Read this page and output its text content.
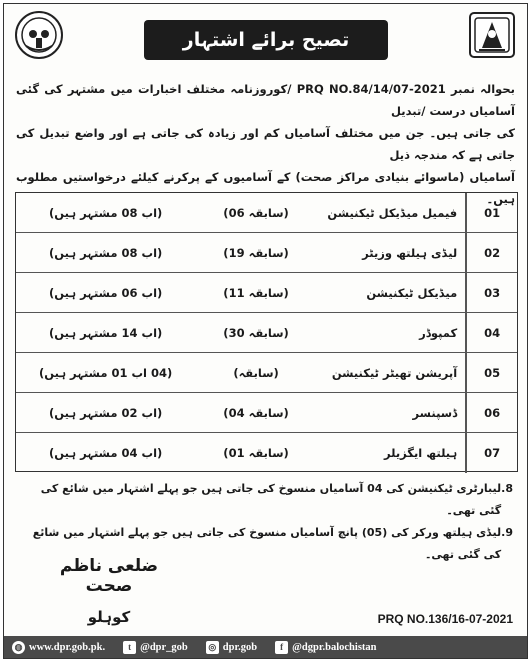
تصیح برائے اشتہار

بحوالہ نمبر PRQ NO.84/14/07-2021 /کوروزنامہ مختلف اخبارات میں مشتہر کی گئی آسامیاں درست /تبدیل

کی جاتی ہیں۔ جن میں مختلف آسامیاں کم اور زیادہ کی جاتی ہے اور واضع تبدیل کی جاتی ہے کہ مندجہ ذیل

آسامیاں (ماسوائے بنیادی مراکز صحت) کے آسامیوں کے پرکرنے کیلئے درخواستیں مطلوب ہیں۔

(اب 08 مشتہر ہیں)	(سابقہ 06)	فیمیل میڈیکل ٹیکنیشن	01
(اب 08 مشتہر ہیں)	(سابقہ 19)	لیڈی ہیلتھ وزیٹر	02
(اب 06 مشتہر ہیں)	(سابقہ 11)	میڈیکل ٹیکنیشن	03
(اب 14 مشتہر ہیں)	(سابقہ 30)	کمپوڈر	04
(04 اب 01 مشتہر ہیں)	(سابقہ)	آپریشن تھیٹر ٹیکنیشن	05
(اب 02 مشتہر ہیں)	(سابقہ 04)	ڈسپنسر	06
(اب 04 مشتہر ہیں)	(سابقہ 01)	ہیلتھ ایگزیلر	07
8
.
لیبارٹری ٹیکنیشن کی 04 آسامیاں منسوخ کی جاتی ہیں جو پہلے اشتہار میں شائع کی گئی تھی۔
9
.
لیڈی ہیلتھ ورکر کی (05) پانچ آسامیاں منسوخ کی جاتی ہیں جو پہلے اشتہار میں شائع کی گئی تھی۔
ضلعی ناظم صحت
کوہلو	PRQ NO.136/16-07-2021
◍ www.dpr.gob.pk.	t @dpr_gob ◎ dpr.gob	f @dgpr.balochistan
